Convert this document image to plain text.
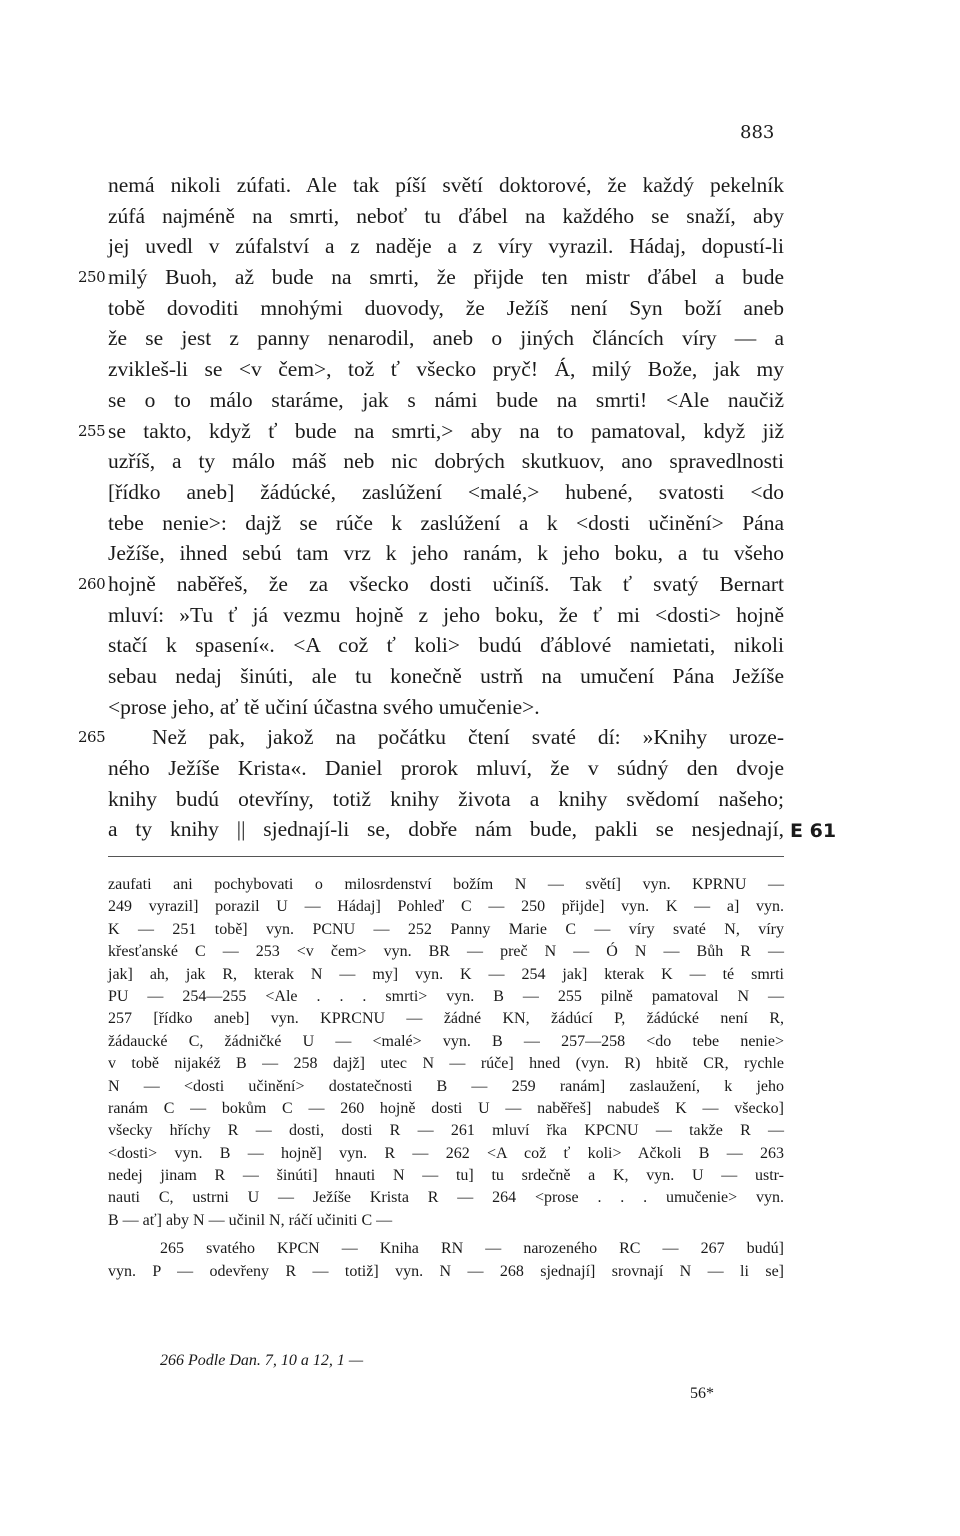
883
nemá nikoli zúfati. Ale tak píší světí doktorové, že každý pekelník
zúfá najméně na smrti, neboť tu ďábel na každého se snaží, aby
jej uvedl v zúfalství a z naděje a z víry vyrazil. Hádaj, dopustí-li
250 milý Buoh, až bude na smrti, že přijde ten mistr ďábel a bude
tobě dovoditi mnohými duovody, že Ježíš není Syn boží aneb
že se jest z panny nenarodil, aneb o jiných článcích víry — a
zvikleš-li se <v čem>, tož ť všecko pryč! Á, milý Bože, jak my
se o to málo staráme, jak s námi bude na smrti! <Ale naučiž
255 se takto, když ť bude na smrti,> aby na to pamatoval, když již
uzříš, a ty málo máš neb nic dobrých skutkuov, ano spravedlnosti
[řídko aneb] žádúcké, zaslúžení <malé,> hubené, svatosti <do
tebe nenie>: dajž se rúče k zaslúžení a k <dosti učinění> Pána
Ježíše, ihned sebú tam vrz k jeho ranám, k jeho boku, a tu všeho
260 hojně naběřeš, že za všecko dosti učiníš. Tak ť svatý Bernart
mluví: »Tu ť já vezmu hojně z jeho boku, že ť mi <dosti> hojně
stačí k spasení«. <A což ť koli> budú ďáblové namietati, nikoli
sebau nedaj šinúti, ale tu konečně ustrň na umučení Pána Ježíše
<prose jeho, ať tě učiní účastna svého umučenie>.
265	Než pak, jakož na počátku čtení svaté dí: »Knihy uroze-
ného Ježíše Krista«. Daniel prorok mluví, že v súdný den dvoje
knihy budú otevříny, totiž knihy života a knihy svědomí našeho;
a ty knihy || sjednají-li se, dobře nám bude, pakli se nesjednají, E 61
zaufati ani pochybovati o milosrdenství božím N — světí] vyn. KPRNU —
249 vyrazil] porazil U — Hádaj] Pohleď C — 250 přijde] vyn. K — a] vyn.
K — 251 tobě] vyn. PCNU — 252 Panny Marie C — víry svaté N, víry
křesťanské C — 253 <v čem> vyn. BR — preč N — Ó N — Bůh R —
jak] ah, jak R, kterak N — my] vyn. K — 254 jak] kterak K — té smrti
PU — 254—255 <Ale . . . smrti> vyn. B — 255 pilně pamatoval N —
257 [řídko aneb] vyn. KPRCNU — žádné KN, žádúcí P, žádúcké není R,
žádaucké C, žádničké U — <malé> vyn. B — 257—258 <do tebe nenie>
v tobě nijakéž B — 258 dajž] utec N — rúče] hned (vyn. R) hbitě CR, rychle
N — <dosti učinění> dostatečnosti B — 259 ranám] zaslaužení, k jeho
ranám C — bokům C — 260 hojně dosti U — naběřeš] nabudeš K — všecko]
všecky hříchy R — dosti, dosti R — 261 mluví řka KPCNU — takže R —
<dosti> vyn. B — hojně] vyn. R — 262 <A což ť koli> Ačkoli B — 263
nedej jinam R — šinúti] hnauti N — tu] tu srdečně a K, vyn. U — ustr-
nauti C, ustrni U — Ježíše Krista R — 264 <prose . . . umučenie> vyn.
B — ať] aby N — učinil N, ráčí učiniti C —
265 svatého KPCN — Kniha RN — narozeného RC — 267 budú]
vyn. P — odevřeny R — totiž] vyn. N — 268 sjednají] srovnají N — li se]
266 Podle Dan. 7, 10 a 12, 1 —
56*
